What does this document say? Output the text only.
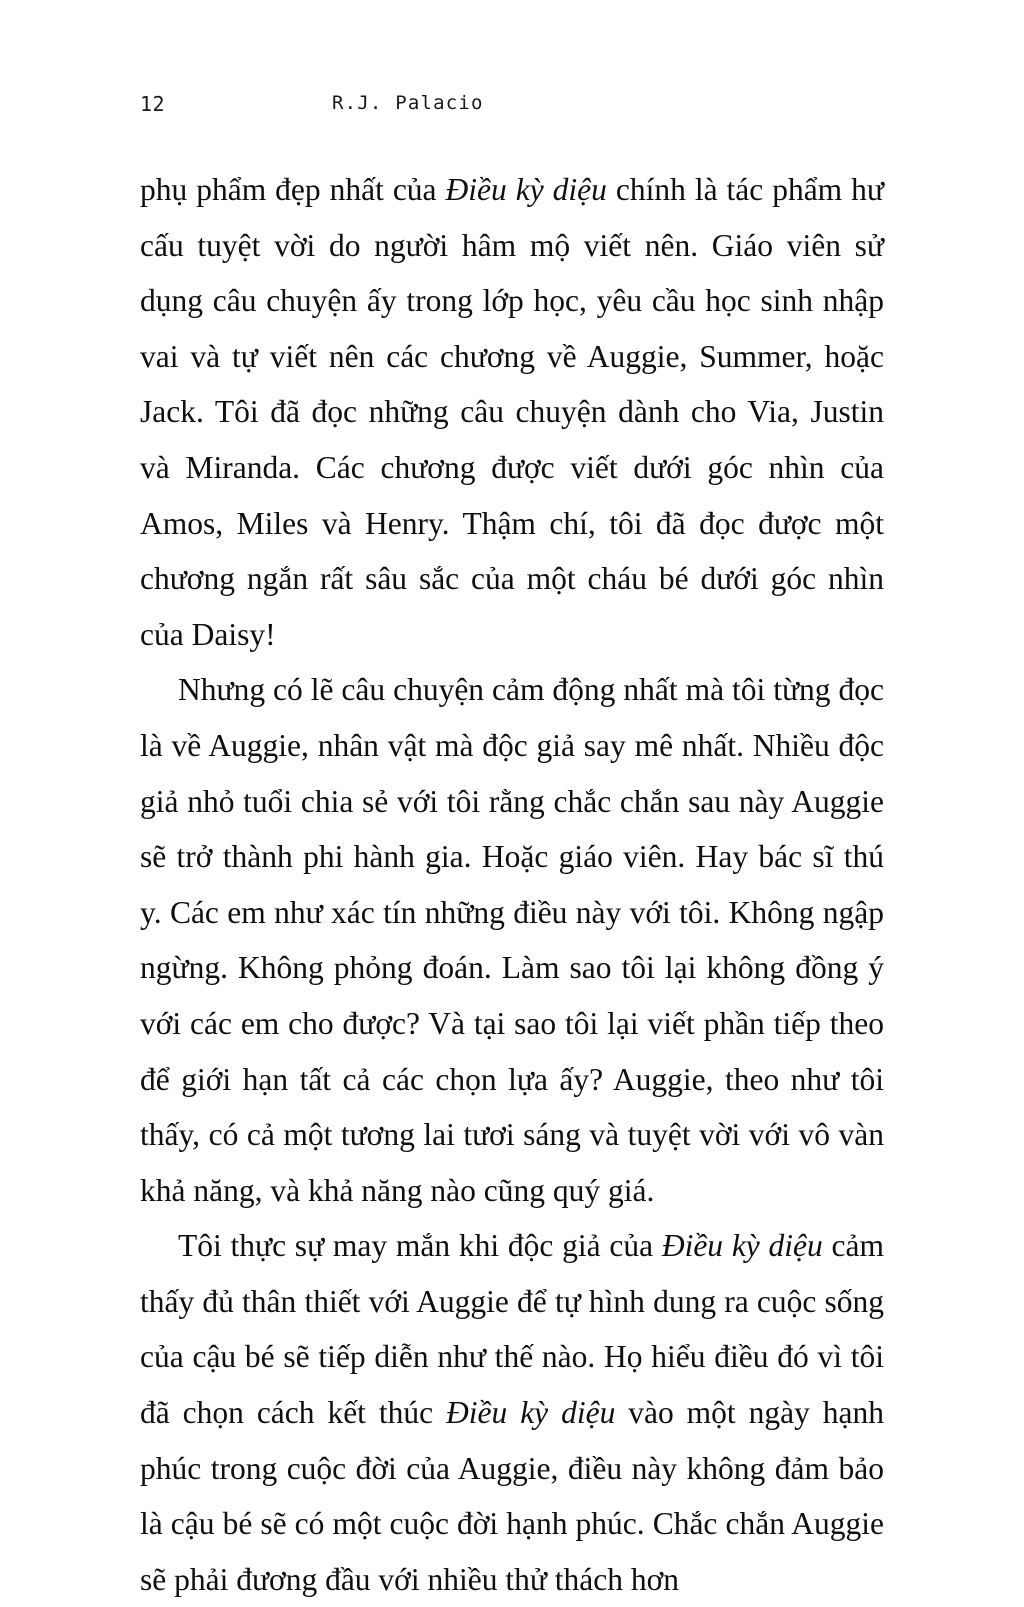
12	R.J. Palacio

phụ phẩm đẹp nhất của Điều kỳ diệu chính là tác phẩm hư cấu tuyệt vời do người hâm mộ viết nên. Giáo viên sử dụng câu chuyện ấy trong lớp học, yêu cầu học sinh nhập vai và tự viết nên các chương về Auggie, Summer, hoặc Jack. Tôi đã đọc những câu chuyện dành cho Via, Justin và Miranda. Các chương được viết dưới góc nhìn của Amos, Miles và Henry. Thậm chí, tôi đã đọc được một chương ngắn rất sâu sắc của một cháu bé dưới góc nhìn của Daisy!

Nhưng có lẽ câu chuyện cảm động nhất mà tôi từng đọc là về Auggie, nhân vật mà độc giả say mê nhất. Nhiều độc giả nhỏ tuổi chia sẻ với tôi rằng chắc chắn sau này Auggie sẽ trở thành phi hành gia. Hoặc giáo viên. Hay bác sĩ thú y. Các em như xác tín những điều này với tôi. Không ngập ngừng. Không phỏng đoán. Làm sao tôi lại không đồng ý với các em cho được? Và tại sao tôi lại viết phần tiếp theo để giới hạn tất cả các chọn lựa ấy? Auggie, theo như tôi thấy, có cả một tương lai tươi sáng và tuyệt vời với vô vàn khả năng, và khả năng nào cũng quý giá.

Tôi thực sự may mắn khi độc giả của Điều kỳ diệu cảm thấy đủ thân thiết với Auggie để tự hình dung ra cuộc sống của cậu bé sẽ tiếp diễn như thế nào. Họ hiểu điều đó vì tôi đã chọn cách kết thúc Điều kỳ diệu vào một ngày hạnh phúc trong cuộc đời của Auggie, điều này không đảm bảo là cậu bé sẽ có một cuộc đời hạnh phúc. Chắc chắn Auggie sẽ phải đương đầu với nhiều thử thách hơn
